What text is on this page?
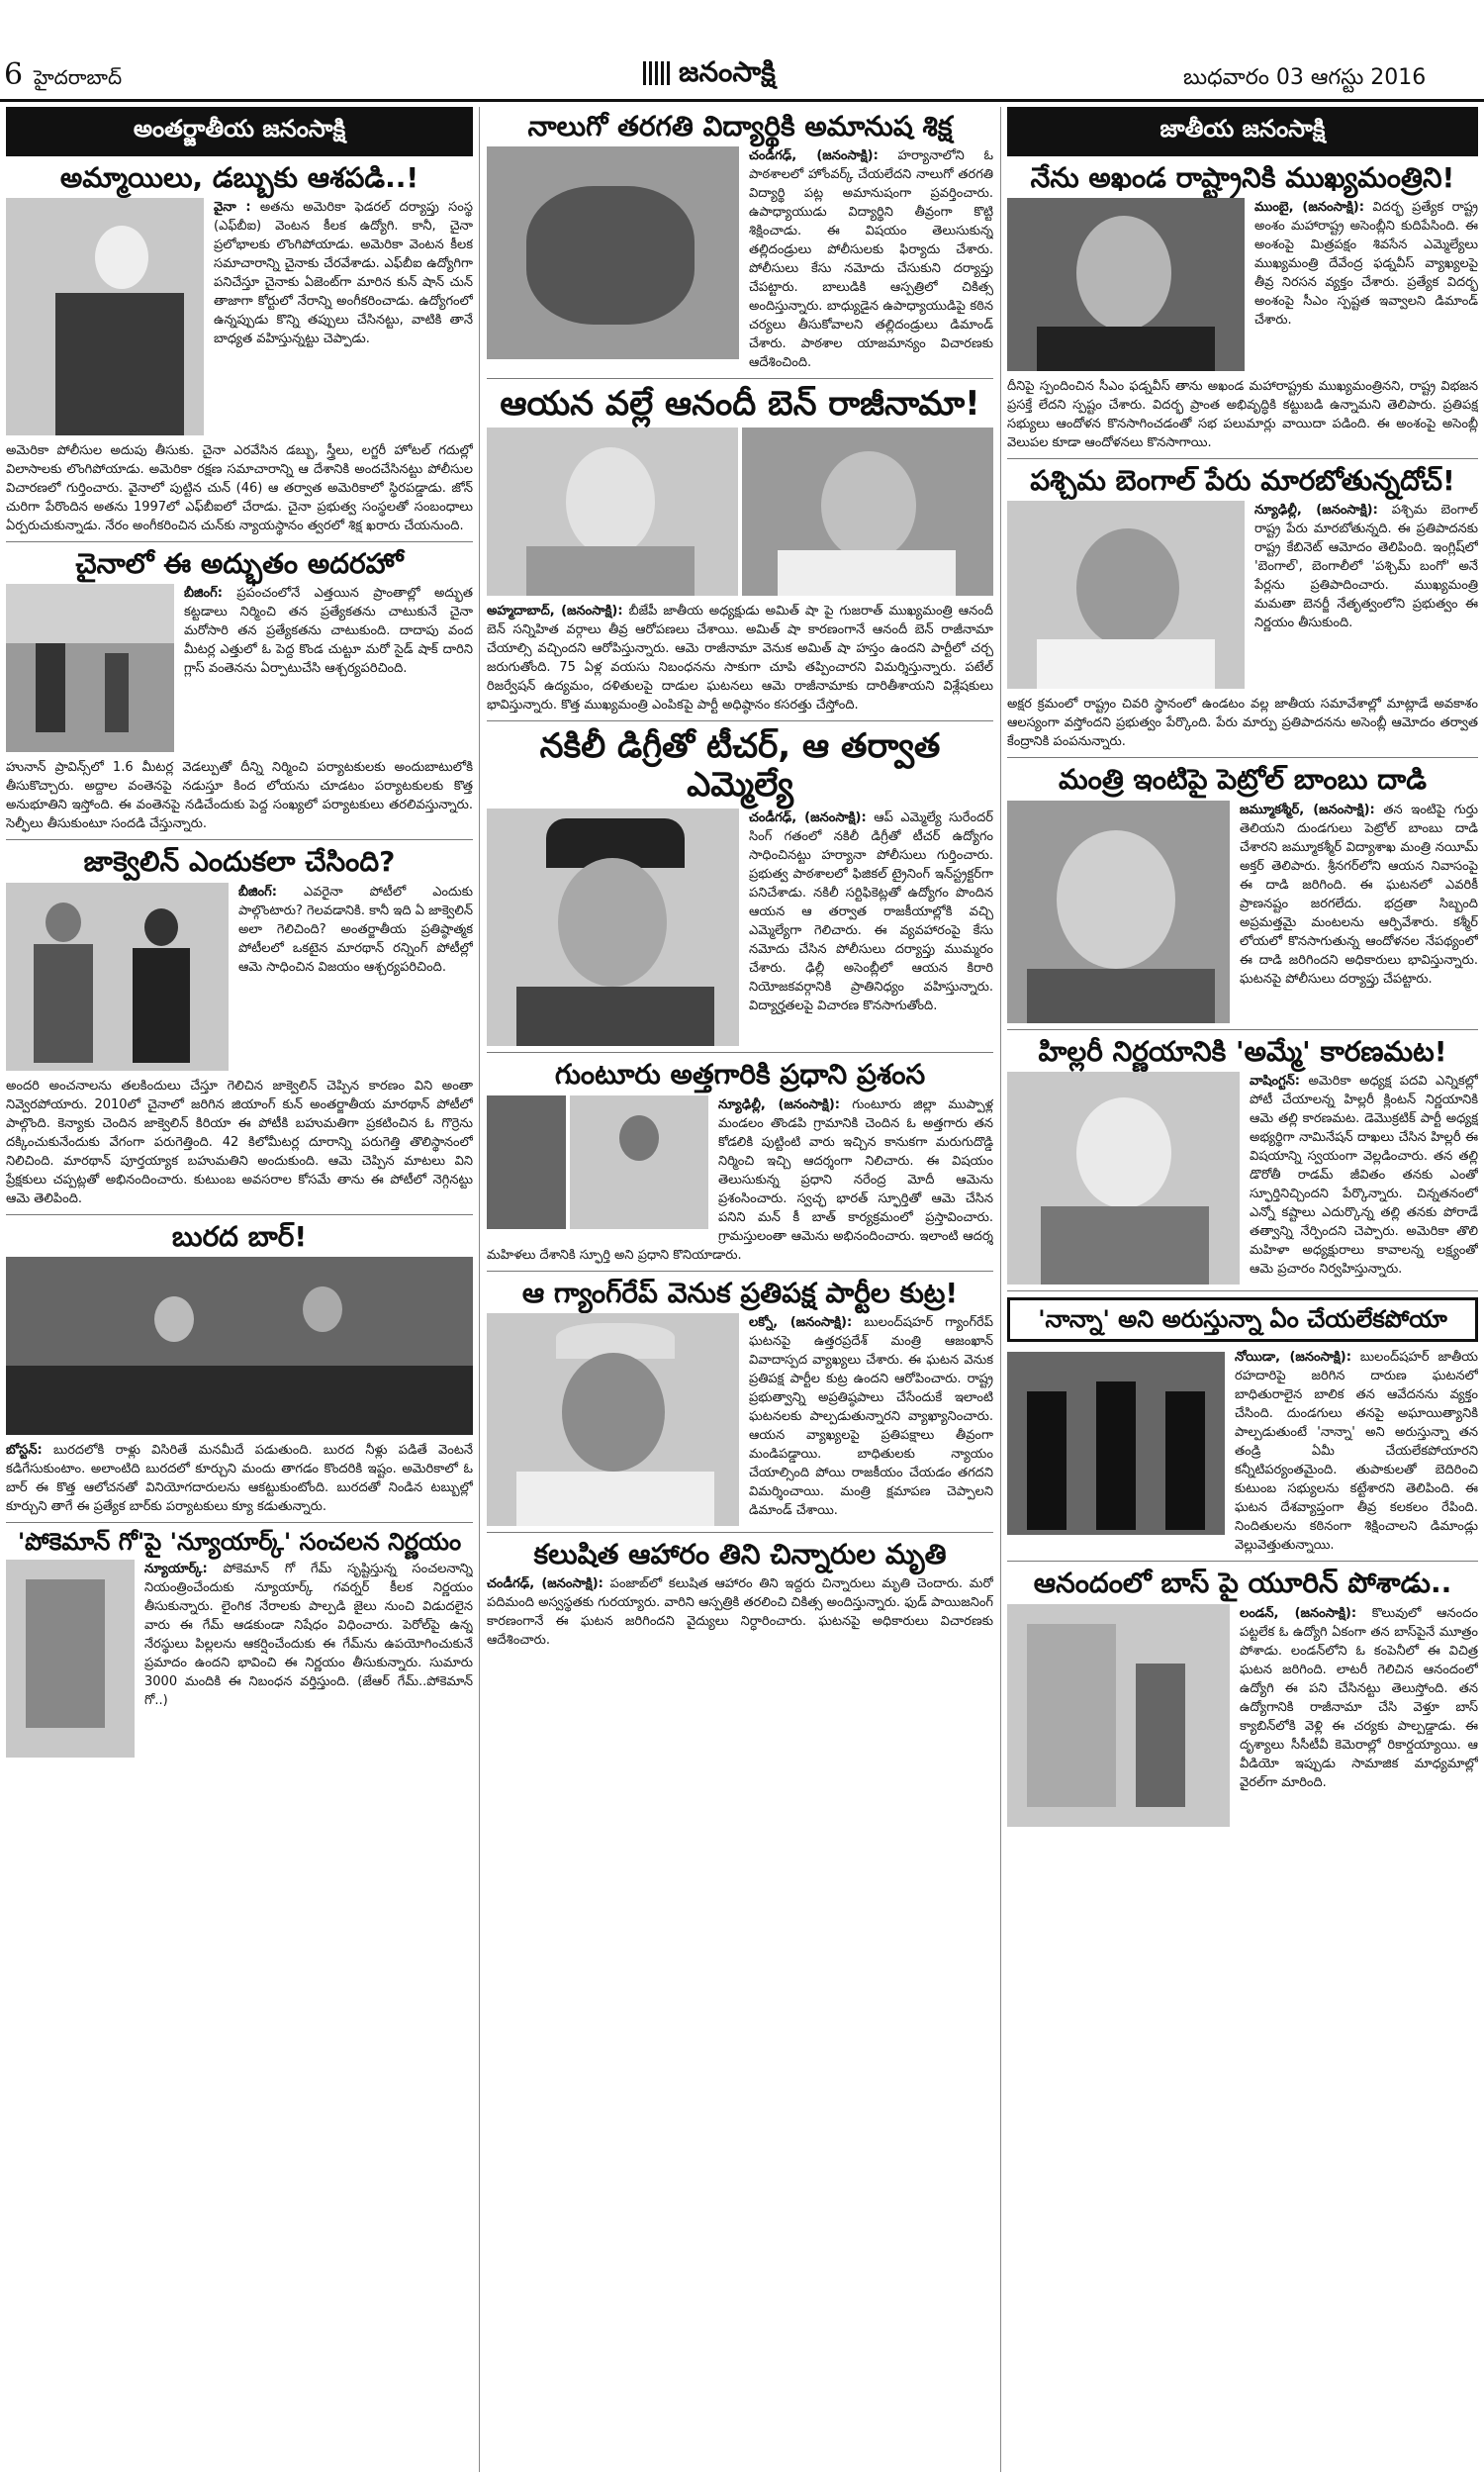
6 హైదరాబాద్	జనంసాక్షి	బుధవారం 03 ఆగస్టు 2016
అంతర్జాతీయ జనంసాక్షి
అమ్మాయిలు, డబ్బుకు ఆశపడి..!

వైనా : అతను అమెరికా ఫెడరల్ దర్యాప్తు సంస్థ (ఎఫ్‌బీఐ) వెంటన కీలక ఉద్యోగి. కానీ, చైనా ప్రలోభాలకు లొంగిపోయాడు. అమెరికా వెంటన కీలక సమాచారాన్ని చైనాకు చేరవేశాడు. ఎఫ్‌బీఐ ఉద్యోగిగా పనిచేస్తూ చైనాకు ఏజెంట్‌గా మారిన కున్ షాన్ చున్ తాజాగా కోర్టులో నేరాన్ని అంగీకరించాడు. ఉద్యోగంలో ఉన్నప్పుడు కొన్ని తప్పులు చేసినట్టు, వాటికి తానే బాధ్యత వహిస్తున్నట్టు చెప్పాడు.

అమెరికా పోలీసుల అదుపు తీసుకు. చైనా ఎరవేసిన డబ్బు, స్త్రీలు, లగ్జరీ హోటల్ గదుల్లో విలాసాలకు లొంగిపోయాడు. అమెరికా రక్షణ సమాచారాన్ని ఆ దేశానికి అందచేసినట్టు పోలీసుల విచారణలో గుర్తించారు. వైనాలో పుట్టిన చున్ (46) ఆ తర్వాత అమెరికాలో స్థిరపడ్డాడు. జోన్ చురిగా పేరొందిన అతను 1997లో ఎఫ్‌బీఐలో చేరాడు. చైనా ప్రభుత్వ సంస్థలతో సంబంధాలు ఏర్పరుచుకున్నాడు. నేరం అంగీకరించిన చున్‌కు న్యాయస్థానం త్వరలో శిక్ష ఖరారు చేయనుంది.

చైనాలో ఈ అద్భుతం అదరహో

బీజింగ్: ప్రపంచంలోనే ఎత్తయిన ప్రాంతాల్లో అద్భుత కట్టడాలు నిర్మించి తన ప్రత్యేకతను చాటుకునే చైనా మరోసారి తన ప్రత్యేకతను చాటుకుంది. దాదాపు వంద మీటర్ల ఎత్తులో ఓ పెద్ద కొండ చుట్టూ మరో సైడ్ షాక్ దారిని గ్లాస్ వంతెనను ఏర్పాటుచేసి ఆశ్చర్యపరిచింది.

హునాన్ ప్రావిన్స్‌లో 1.6 మీటర్ల వెడల్పుతో దీన్ని నిర్మించి పర్యాటకులకు అందుబాటులోకి తీసుకొచ్చారు. అద్దాల వంతెనపై నడుస్తూ కింద లోయను చూడటం పర్యాటకులకు కొత్త అనుభూతిని ఇస్తోంది. ఈ వంతెనపై నడిచేందుకు పెద్ద సంఖ్యలో పర్యాటకులు తరలివస్తున్నారు. సెల్ఫీలు తీసుకుంటూ సందడి చేస్తున్నారు.

జాక్వెలిన్ ఎందుకలా చేసింది?

బీజింగ్: ఎవరైనా పోటీలో ఎందుకు పాల్గొంటారు? గెలవడానికి. కానీ ఇది ఏ జాక్వెలిన్ అలా గెలిచింది? అంతర్జాతీయ ప్రతిష్ఠాత్మక పోటీలలో ఒకటైన మారథాన్ రన్నింగ్ పోటీల్లో ఆమె సాధించిన విజయం ఆశ్చర్యపరిచింది.

అందరి అంచనాలను తలకిందులు చేస్తూ గెలిచిన జాక్వెలిన్ చెప్పిన కారణం విని అంతా నివ్వెరపోయారు. 2010లో చైనాలో జరిగిన జియాంగ్ కున్ అంతర్జాతీయ మారథాన్ పోటీలో పాల్గొంది. కెన్యాకు చెందిన జాక్వెలిన్ కిరియా ఈ పోటీకి బహుమతిగా ప్రకటించిన ఓ గొర్రెను దక్కించుకునేందుకు వేగంగా పరుగెత్తింది. 42 కిలోమీటర్ల దూరాన్ని పరుగెత్తి తొలిస్థానంలో నిలిచింది. మారథాన్ పూర్తయ్యాక బహుమతిని అందుకుంది. ఆమె చెప్పిన మాటలు విని ప్రేక్షకులు చప్పట్లతో అభినందించారు. కుటుంబ అవసరాల కోసమే తాను ఈ పోటీలో నెగ్గినట్టు ఆమె తెలిపింది.

బురద బార్!

బోస్టన్: బురదలోకి రాళ్లు విసిరితే మనమీదే పడుతుంది. బురద నీళ్లు పడితే వెంటనే కడిగేసుకుంటాం. అలాంటిది బురదలో కూర్చుని మందు తాగడం కొందరికి ఇష్టం. అమెరికాలో ఓ బార్ ఈ కొత్త ఆలోచనతో వినియోగదారులను ఆకట్టుకుంటోంది. బురదతో నిండిన టబ్బుల్లో కూర్చుని తాగే ఈ ప్రత్యేక బార్‌కు పర్యాటకులు క్యూ కడుతున్నారు.

'పోకెమాన్ గో'పై 'న్యూయార్క్' సంచలన నిర్ణయం

న్యూయార్క్: పోకెమాన్ గో గేమ్ సృష్టిస్తున్న సంచలనాన్ని నియంత్రించేందుకు న్యూయార్క్ గవర్నర్ కీలక నిర్ణయం తీసుకున్నారు. లైంగిక నేరాలకు పాల్పడి జైలు నుంచి విడుదలైన వారు ఈ గేమ్ ఆడకుండా నిషేధం విధించారు. పెరోల్‌పై ఉన్న నేరస్థులు పిల్లలను ఆకర్షించేందుకు ఈ గేమ్‌ను ఉపయోగించుకునే ప్రమాదం ఉందని భావించి ఈ నిర్ణయం తీసుకున్నారు. సుమారు 3000 మందికి ఈ నిబంధన వర్తిస్తుంది. (జేఆర్ గేమ్..పోకెమాన్ గో..)

నాలుగో తరగతి విద్యార్థికి అమానుష శిక్ష

చండీగఢ్, (జనంసాక్షి): హర్యానాలోని ఓ పాఠశాలలో హోంవర్క్ చేయలేదని నాలుగో తరగతి విద్యార్థి పట్ల అమానుషంగా ప్రవర్తించారు. ఉపాధ్యాయుడు విద్యార్థిని తీవ్రంగా కొట్టి శిక్షించాడు. ఈ విషయం తెలుసుకున్న తల్లిదండ్రులు పోలీసులకు ఫిర్యాదు చేశారు. పోలీసులు కేసు నమోదు చేసుకుని దర్యాప్తు చేపట్టారు. బాలుడికి ఆస్పత్రిలో చికిత్స అందిస్తున్నారు. బాధ్యుడైన ఉపాధ్యాయుడిపై కఠిన చర్యలు తీసుకోవాలని తల్లిదండ్రులు డిమాండ్ చేశారు. పాఠశాల యాజమాన్యం విచారణకు ఆదేశించింది.

ఆయన వల్లే ఆనందీ బెన్ రాజీనామా!

అహ్మదాబాద్, (జనంసాక్షి): బీజేపీ జాతీయ అధ్యక్షుడు అమిత్ షా పై గుజరాత్ ముఖ్యమంత్రి ఆనందీ బెన్ సన్నిహిత వర్గాలు తీవ్ర ఆరోపణలు చేశాయి. అమిత్ షా కారణంగానే ఆనందీ బెన్ రాజీనామా చేయాల్సి వచ్చిందని ఆరోపిస్తున్నారు. ఆమె రాజీనామా వెనుక అమిత్ షా హస్తం ఉందని పార్టీలో చర్చ జరుగుతోంది. 75 ఏళ్ల వయసు నిబంధనను సాకుగా చూపి తప్పించారని విమర్శిస్తున్నారు. పటేల్ రిజర్వేషన్ ఉద్యమం, దళితులపై దాడుల ఘటనలు ఆమె రాజీనామాకు దారితీశాయని విశ్లేషకులు భావిస్తున్నారు. కొత్త ముఖ్యమంత్రి ఎంపికపై పార్టీ అధిష్ఠానం కసరత్తు చేస్తోంది.

నకిలీ డిగ్రీతో టీచర్, ఆ తర్వాత ఎమ్మెల్యే

చండీగఢ్, (జనంసాక్షి): ఆప్ ఎమ్మెల్యే సురేందర్ సింగ్ గతంలో నకిలీ డిగ్రీతో టీచర్ ఉద్యోగం సాధించినట్టు హర్యానా పోలీసులు గుర్తించారు. ప్రభుత్వ పాఠశాలలో ఫిజికల్ ట్రైనింగ్ ఇన్‌స్ట్రక్టర్‌గా పనిచేశాడు. నకిలీ సర్టిఫికెట్లతో ఉద్యోగం పొందిన ఆయన ఆ తర్వాత రాజకీయాల్లోకి వచ్చి ఎమ్మెల్యేగా గెలిచారు. ఈ వ్యవహారంపై కేసు నమోదు చేసిన పోలీసులు దర్యాప్తు ముమ్మరం చేశారు. ఢిల్లీ అసెంబ్లీలో ఆయన కిరారి నియోజకవర్గానికి ప్రాతినిధ్యం వహిస్తున్నారు. విద్యార్హతలపై విచారణ కొనసాగుతోంది.

గుంటూరు అత్తగారికి ప్రధాని ప్రశంస

న్యూఢిల్లీ, (జనంసాక్షి): గుంటూరు జిల్లా ముప్పాళ్ల మండలం తొండపి గ్రామానికి చెందిన ఓ అత్తగారు తన కోడలికి పుట్టింటి వారు ఇచ్చిన కానుకగా మరుగుదొడ్డి నిర్మించి ఇచ్చి ఆదర్శంగా నిలిచారు. ఈ విషయం తెలుసుకున్న ప్రధాని నరేంద్ర మోదీ ఆమెను ప్రశంసించారు. స్వచ్ఛ భారత్ స్ఫూర్తితో ఆమె చేసిన పనిని మన్ కీ బాత్ కార్యక్రమంలో ప్రస్తావించారు. గ్రామస్తులంతా ఆమెను అభినందించారు. ఇలాంటి ఆదర్శ మహిళలు దేశానికి స్ఫూర్తి అని ప్రధాని కొనియాడారు.

ఆ గ్యాంగ్‌రేప్ వెనుక ప్రతిపక్ష పార్టీల కుట్ర!

లక్నో, (జనంసాక్షి): బులంద్‌షహర్ గ్యాంగ్‌రేప్ ఘటనపై ఉత్తరప్రదేశ్ మంత్రి ఆజంఖాన్ వివాదాస్పద వ్యాఖ్యలు చేశారు. ఈ ఘటన వెనుక ప్రతిపక్ష పార్టీల కుట్ర ఉందని ఆరోపించారు. రాష్ట్ర ప్రభుత్వాన్ని అప్రతిష్ఠపాలు చేసేందుకే ఇలాంటి ఘటనలకు పాల్పడుతున్నారని వ్యాఖ్యానించారు. ఆయన వ్యాఖ్యలపై ప్రతిపక్షాలు తీవ్రంగా మండిపడ్డాయి. బాధితులకు న్యాయం చేయాల్సింది పోయి రాజకీయం చేయడం తగదని విమర్శించాయి. మంత్రి క్షమాపణ చెప్పాలని డిమాండ్ చేశాయి.

కలుషిత ఆహారం తిని చిన్నారుల మృతి

చండీగఢ్, (జనంసాక్షి): పంజాబ్‌లో కలుషిత ఆహారం తిని ఇద్దరు చిన్నారులు మృతి చెందారు. మరో పదిమంది అస్వస్థతకు గురయ్యారు. వారిని ఆస్పత్రికి తరలించి చికిత్స అందిస్తున్నారు. ఫుడ్ పాయిజనింగ్ కారణంగానే ఈ ఘటన జరిగిందని వైద్యులు నిర్ధారించారు. ఘటనపై అధికారులు విచారణకు ఆదేశించారు.

జాతీయ జనంసాక్షి
నేను అఖండ రాష్ట్రానికి ముఖ్యమంత్రిని!

ముంబై, (జనంసాక్షి): విదర్భ ప్రత్యేక రాష్ట్ర అంశం మహారాష్ట్ర అసెంబ్లీని కుదిపేసింది. ఈ అంశంపై మిత్రపక్షం శివసేన ఎమ్మెల్యేలు ముఖ్యమంత్రి దేవేంద్ర ఫడ్నవీస్ వ్యాఖ్యలపై తీవ్ర నిరసన వ్యక్తం చేశారు. ప్రత్యేక విదర్భ అంశంపై సీఎం స్పష్టత ఇవ్వాలని డిమాండ్ చేశారు.

దీనిపై స్పందించిన సీఎం ఫడ్నవీస్ తాను అఖండ మహారాష్ట్రకు ముఖ్యమంత్రినని, రాష్ట్ర విభజన ప్రసక్తే లేదని స్పష్టం చేశారు. విదర్భ ప్రాంత అభివృద్ధికి కట్టుబడి ఉన్నామని తెలిపారు. ప్రతిపక్ష సభ్యులు ఆందోళన కొనసాగించడంతో సభ పలుమార్లు వాయిదా పడింది. ఈ అంశంపై అసెంబ్లీ వెలుపల కూడా ఆందోళనలు కొనసాగాయి.

పశ్చిమ బెంగాల్ పేరు మారబోతున్నదోచ్!

న్యూఢిల్లీ, (జనంసాక్షి): పశ్చిమ బెంగాల్ రాష్ట్ర పేరు మారబోతున్నది. ఈ ప్రతిపాదనకు రాష్ట్ర కేబినెట్ ఆమోదం తెలిపింది. ఇంగ్లిష్‌లో 'బెంగాల్', బెంగాలీలో 'పశ్చిమ్ బంగో' అనే పేర్లను ప్రతిపాదించారు. ముఖ్యమంత్రి మమతా బెనర్జీ నేతృత్వంలోని ప్రభుత్వం ఈ నిర్ణయం తీసుకుంది.

అక్షర క్రమంలో రాష్ట్రం చివరి స్థానంలో ఉండటం వల్ల జాతీయ సమావేశాల్లో మాట్లాడే అవకాశం ఆలస్యంగా వస్తోందని ప్రభుత్వం పేర్కొంది. పేరు మార్పు ప్రతిపాదనను అసెంబ్లీ ఆమోదం తర్వాత కేంద్రానికి పంపనున్నారు.

మంత్రి ఇంటిపై పెట్రోల్ బాంబు దాడి

జమ్మూకశ్మీర్, (జనంసాక్షి): తన ఇంటిపై గుర్తు తెలియని దుండగులు పెట్రోల్ బాంబు దాడి చేశారని జమ్మూకశ్మీర్ విద్యాశాఖ మంత్రి నయీమ్ అక్తర్ తెలిపారు. శ్రీనగర్‌లోని ఆయన నివాసంపై ఈ దాడి జరిగింది. ఈ ఘటనలో ఎవరికీ ప్రాణనష్టం జరగలేదు. భద్రతా సిబ్బంది అప్రమత్తమై మంటలను ఆర్పివేశారు. కశ్మీర్ లోయలో కొనసాగుతున్న ఆందోళనల నేపథ్యంలో ఈ దాడి జరిగిందని అధికారులు భావిస్తున్నారు. ఘటనపై పోలీసులు దర్యాప్తు చేపట్టారు.

హిల్లరీ నిర్ణయానికి 'అమ్మే' కారణమట!

వాషింగ్టన్: అమెరికా అధ్యక్ష పదవి ఎన్నికల్లో పోటీ చేయాలన్న హిల్లరీ క్లింటన్ నిర్ణయానికి ఆమె తల్లి కారణమట. డెమొక్రటిక్ పార్టీ అధ్యక్ష అభ్యర్థిగా నామినేషన్ దాఖలు చేసిన హిల్లరీ ఈ విషయాన్ని స్వయంగా వెల్లడించారు. తన తల్లి డొరోతీ రాడమ్ జీవితం తనకు ఎంతో స్ఫూర్తినిచ్చిందని పేర్కొన్నారు. చిన్నతనంలో ఎన్నో కష్టాలు ఎదుర్కొన్న తల్లి తనకు పోరాడే తత్వాన్ని నేర్పిందని చెప్పారు. అమెరికా తొలి మహిళా అధ్యక్షురాలు కావాలన్న లక్ష్యంతో ఆమె ప్రచారం నిర్వహిస్తున్నారు.

'నాన్నా' అని అరుస్తున్నా ఏం చేయలేకపోయా

నోయిడా, (జనంసాక్షి): బులంద్‌షహర్ జాతీయ రహదారిపై జరిగిన దారుణ ఘటనలో బాధితురాలైన బాలిక తన ఆవేదనను వ్యక్తం చేసింది. దుండగులు తనపై అఘాయిత్యానికి పాల్పడుతుంటే 'నాన్నా' అని అరుస్తున్నా తన తండ్రి ఏమీ చేయలేకపోయారని కన్నీటిపర్యంతమైంది. తుపాకులతో బెదిరించి కుటుంబ సభ్యులను కట్టేశారని తెలిపింది. ఈ ఘటన దేశవ్యాప్తంగా తీవ్ర కలకలం రేపింది. నిందితులను కఠినంగా శిక్షించాలని డిమాండ్లు వెల్లువెత్తుతున్నాయి.

ఆనందంలో బాస్ పై యూరిన్ పోశాడు..

లండన్, (జనంసాక్షి): కొలువులో ఆనందం పట్టలేక ఓ ఉద్యోగి ఏకంగా తన బాస్‌పైనే మూత్రం పోశాడు. లండన్‌లోని ఓ కంపెనీలో ఈ విచిత్ర ఘటన జరిగింది. లాటరీ గెలిచిన ఆనందంలో ఉద్యోగి ఈ పని చేసినట్టు తెలుస్తోంది. తన ఉద్యోగానికి రాజీనామా చేసి వెళ్తూ బాస్ క్యాబిన్‌లోకి వెళ్లి ఈ చర్యకు పాల్పడ్డాడు. ఈ దృశ్యాలు సీసీటీవీ కెమెరాల్లో రికార్డయ్యాయి. ఆ వీడియో ఇప్పుడు సామాజిక మాధ్యమాల్లో వైరల్‌గా మారింది.
